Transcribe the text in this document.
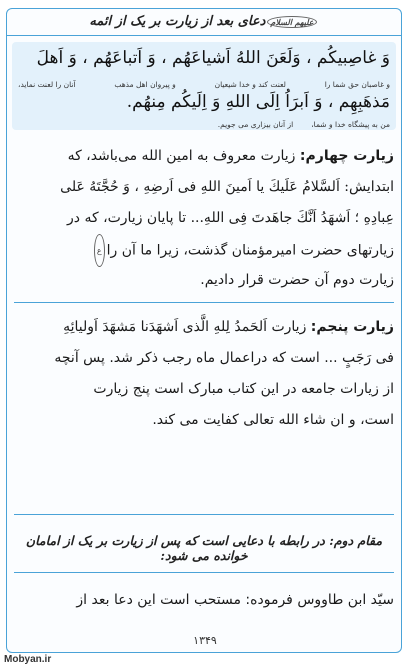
دعای بعد از زیارت بر یک از ائمه علیهم السلام
وَ غاصِبیکُم ، وَلَعَنَ اللهُ اَشیاعَهُم ، وَ اَتباعَهُم ، وَ اَهلَ
و غاصبان حق شما را
لعنت کند و خدا شیعیان
و پیروان اهل مذهب
آنان را لعنت نماید،
مَذهَبِهِم ، وَ اَبرَاُ اِلَی اللهِ وَ اِلَیکُم مِنهُم.
من به پیشگاه خدا و شما،
از آنان بیزاری می جویم.
زیارت چهارم: زیارت معروف به امین الله می‌باشد، که
ابتدایش: اَلسَّلامُ عَلَیكَ یا اَمینَ اللهِ فی اَرضِهِ ، وَ حُجَّتَهُ عَلی
عِبادِهِ ؛ اَشهَدُ اَنَّكَ جاهَدتَ فِی اللهِ... تا پایان زیارت، که در
زیارتهای حضرت امیرمؤمنان گذشت، زیرا ما آن راع
زیارت دوم آن حضرت قرار دادیم.
زیارت پنجم: زیارت اَلحَمدُ لِلهِ الَّذی اَشهَدَنا مَشهَدَ اَولیائِهِ
فی رَجَبٍ ... است که دراعمال ماه رجب ذکر شد. پس آنچه
از زیارات جامعه در این کتاب مبارک است پنج زیارت
است، و ان شاء الله تعالی کفایت می کند.
مقام دوم: در رابطه با دعایی است که پس از زیارت بر یک از امامان خوانده می شود:
سیّد ابن طاووس فرموده: مستحب است این دعا بعد از
۱۳۴۹
Mobyan.ir
